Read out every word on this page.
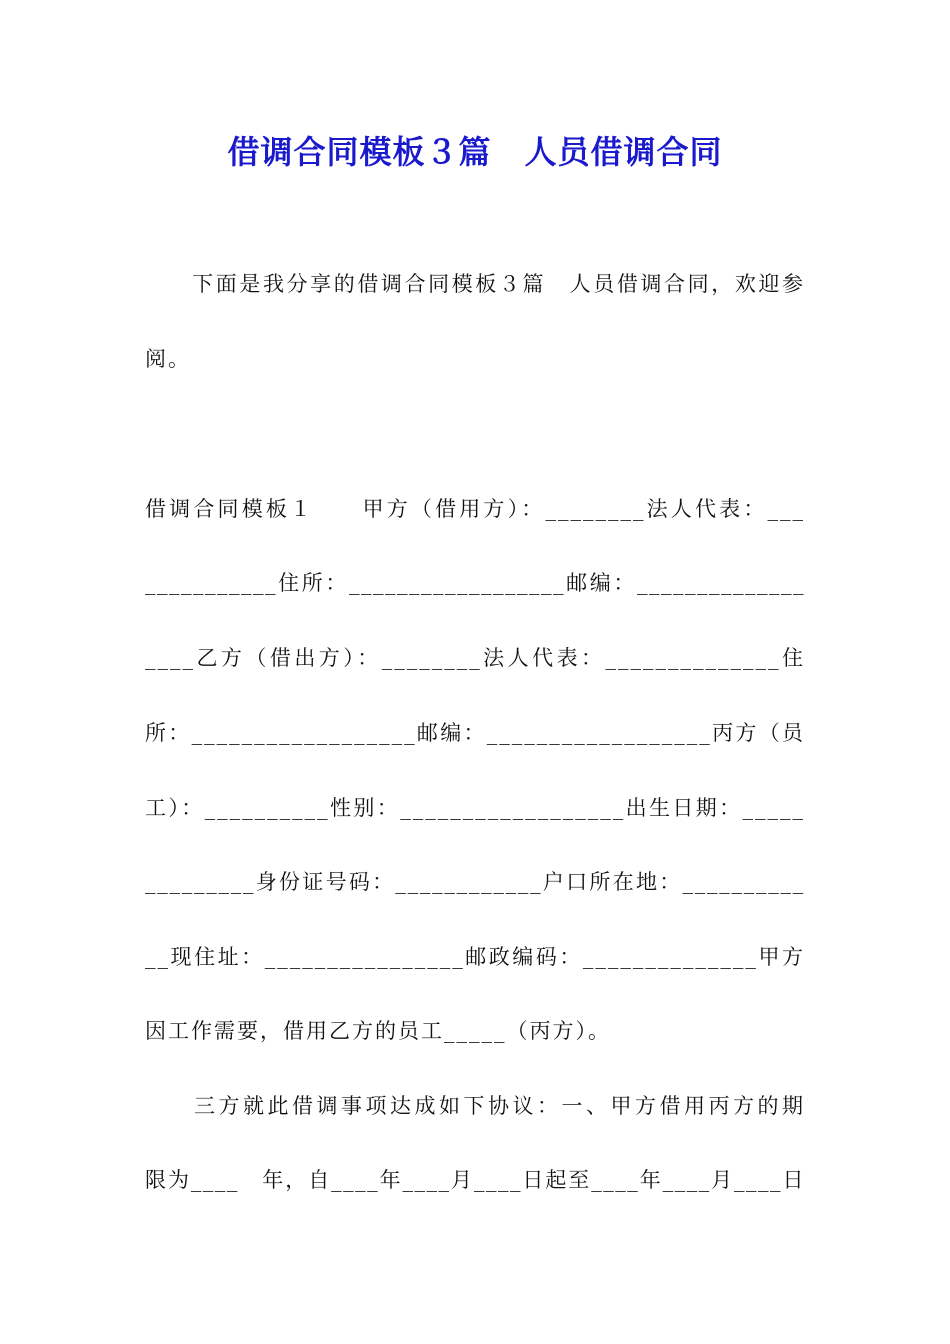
借调合同模板３篇　人员借调合同
　　下面是我分享的借调合同模板３篇　人员借调合同，欢迎参
阅。
借调合同模板１　　甲方（借用方）：________法人代表：___
___________住所：__________________邮编：______________
____乙方（借出方）：________法人代表：______________住
所：__________________邮编：__________________丙方（员
工）：__________性别：__________________出生日期：_____
_________身份证号码：____________户口所在地：__________
__现住址：________________邮政编码：______________甲方
因工作需要，借用乙方的员工_____（丙方）。
　　三方就此借调事项达成如下协议：一、甲方借用丙方的期
限为____　年，自____年____月____日起至____年____月____日
